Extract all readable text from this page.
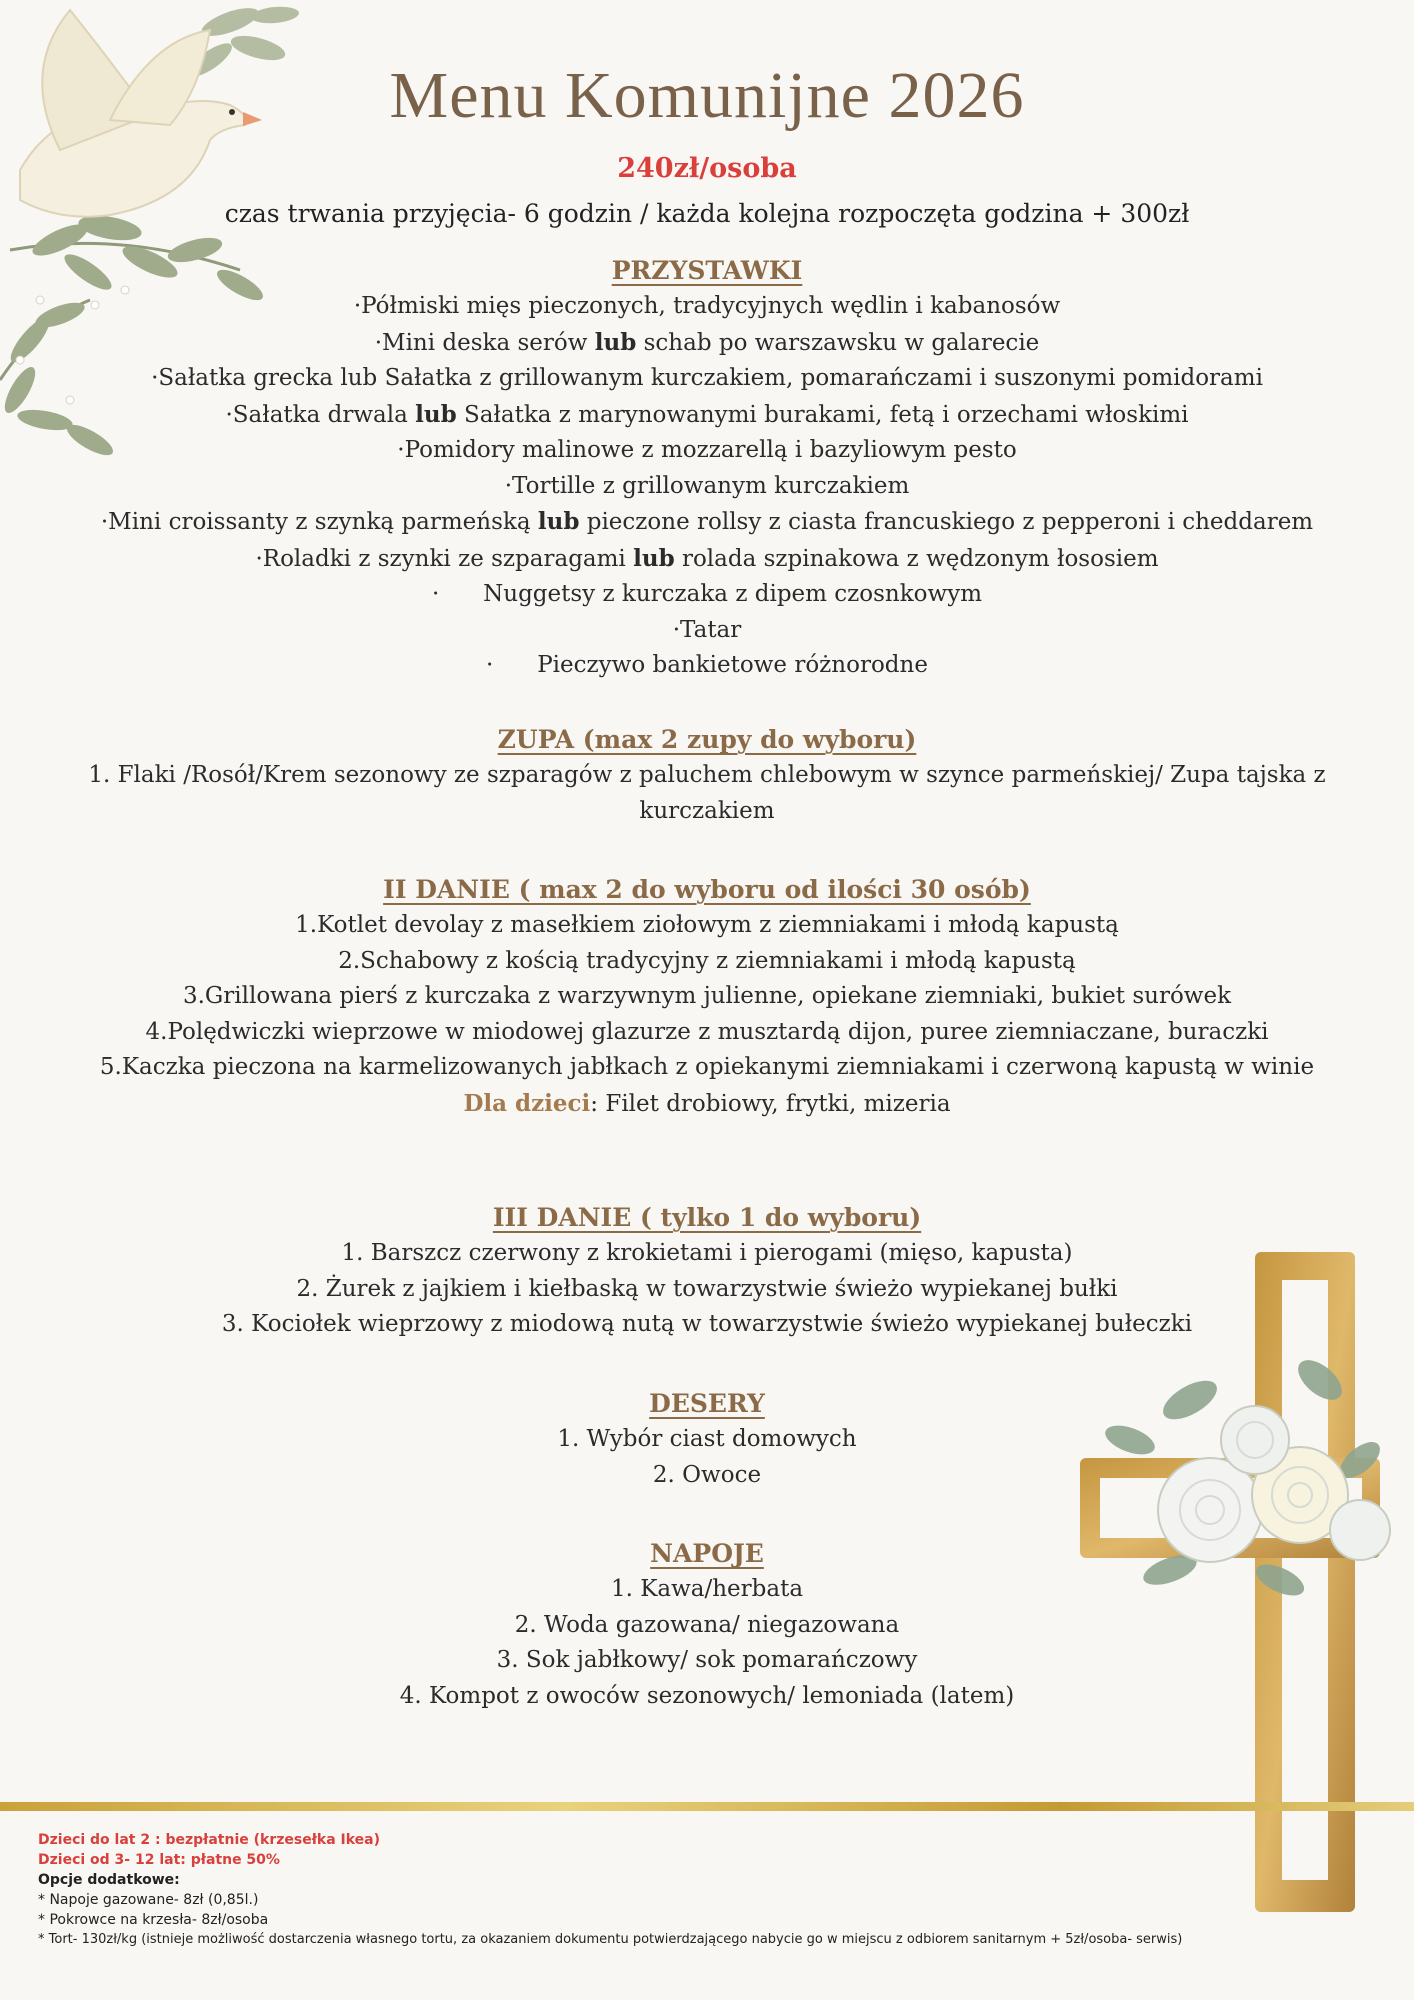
Menu Komunijne 2026
240zł/osoba
czas trwania przyjęcia- 6 godzin / każda kolejna rozpoczęta godzina + 300zł
PRZYSTAWKI
·Półmiski mięs pieczonych, tradycyjnych wędlin i kabanosów
·Mini deska serów lub schab po warszawsku w galarecie
·Sałatka grecka lub Sałatka z grillowanym kurczakiem, pomarańczami i suszonymi pomidorami
·Sałatka drwala lub Sałatka z marynowanymi burakami, fetą i orzechami włoskimi
·Pomidory malinowe z mozzarellą i bazyliowym pesto
·Tortille z grillowanym kurczakiem
·Mini croissanty z szynką parmeńską lub pieczone rollsy z ciasta francuskiego z pepperoni i cheddarem
·Roladki z szynki ze szparagami lub rolada szpinakowa z wędzonym łososiem
·      Nuggetsy z kurczaka z dipem czosnkowym
·Tatar
·      Pieczywo bankietowe różnorodne
ZUPA (max 2 zupy do wyboru)
1. Flaki /Rosół/Krem sezonowy ze szparagów z paluchem chlebowym w szynce parmeńskiej/ Zupa tajska z
kurczakiem
II DANIE ( max 2 do wyboru od ilości 30 osób)
1.Kotlet devolay z masełkiem ziołowym z ziemniakami i młodą kapustą
2.Schabowy z kością tradycyjny z ziemniakami i młodą kapustą
3.Grillowana pierś z kurczaka z warzywnym julienne, opiekane ziemniaki, bukiet surówek
4.Polędwiczki wieprzowe w miodowej glazurze z musztardą dijon, puree ziemniaczane, buraczki
5.Kaczka pieczona na karmelizowanych jabłkach z opiekanymi ziemniakami i czerwoną kapustą w winie
Dla dzieci: Filet drobiowy, frytki, mizeria
III DANIE ( tylko 1 do wyboru)
1. Barszcz czerwony z krokietami i pierogami (mięso, kapusta)
2. Żurek z jajkiem i kiełbaską w towarzystwie świeżo wypiekanej bułki
3. Kociołek wieprzowy z miodową nutą w towarzystwie świeżo wypiekanej bułeczki
DESERY
1. Wybór ciast domowych
2. Owoce
NAPOJE
1. Kawa/herbata
2. Woda gazowana/ niegazowana
3. Sok jabłkowy/ sok pomarańczowy
4. Kompot z owoców sezonowych/ lemoniada (latem)
Dzieci do lat 2 : bezpłatnie (krzesełka Ikea)
Dzieci od 3- 12 lat: płatne 50%
Opcje dodatkowe:
* Napoje gazowane- 8zł (0,85l.)
* Pokrowce na krzesła- 8zł/osoba
* Tort- 130zł/kg (istnieje możliwość dostarczenia własnego tortu, za okazaniem dokumentu potwierdzającego nabycie go w miejscu z odbiorem sanitarnym + 5zł/osoba- serwis)
